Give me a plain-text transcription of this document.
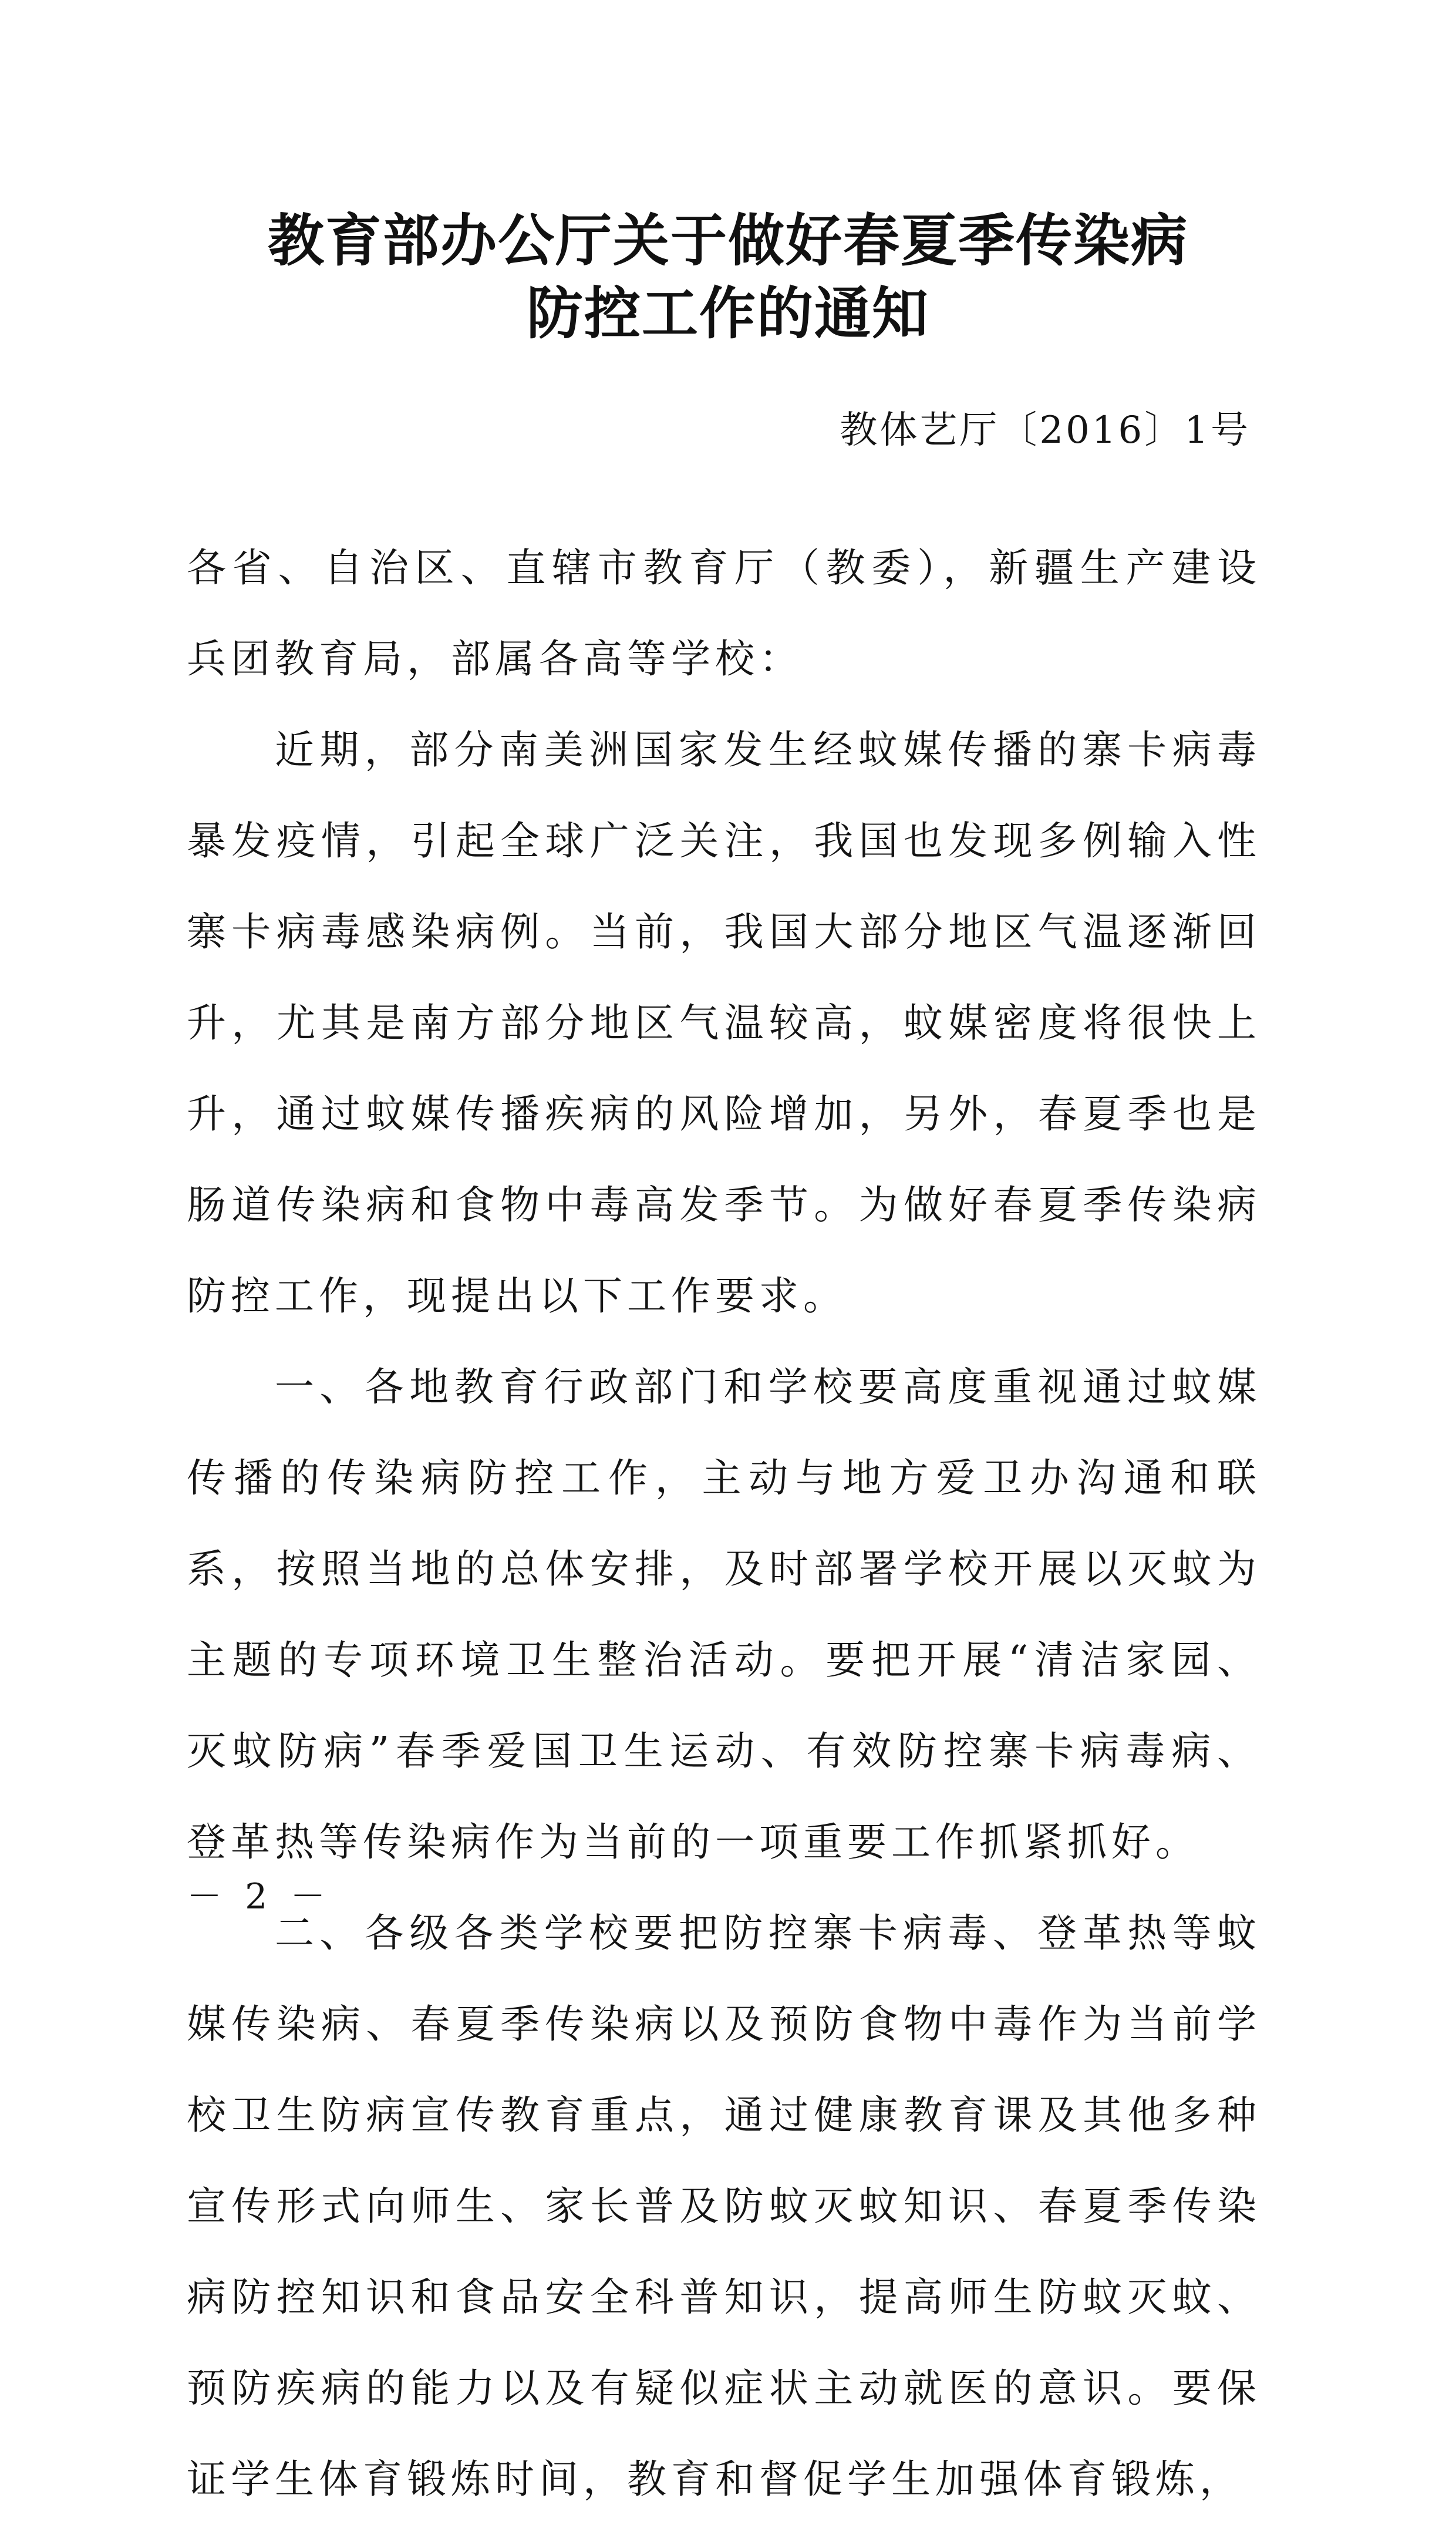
教育部办公厅关于做好春夏季传染病
防控工作的通知
教体艺厅〔2016〕1号

各省、自治区、直辖市教育厅（教委），新疆生产建设兵团教育局，部属各高等学校：

近期，部分南美洲国家发生经蚊媒传播的寨卡病毒暴发疫情，引起全球广泛关注，我国也发现多例输入性寨卡病毒感染病例。当前，我国大部分地区气温逐渐回升，尤其是南方部分地区气温较高，蚊媒密度将很快上升，通过蚊媒传播疾病的风险增加，另外，春夏季也是肠道传染病和食物中毒高发季节。为做好春夏季传染病防控工作，现提出以下工作要求。

一、各地教育行政部门和学校要高度重视通过蚊媒传播的传染病防控工作，主动与地方爱卫办沟通和联系，按照当地的总体安排，及时部署学校开展以灭蚊为主题的专项环境卫生整治活动。要把开展“清洁家园、灭蚊防病”春季爱国卫生运动、有效防控寨卡病毒病、登革热等传染病作为当前的一项重要工作抓紧抓好。

二、各级各类学校要把防控寨卡病毒、登革热等蚊媒传染病、春夏季传染病以及预防食物中毒作为当前学校卫生防病宣传教育重点，通过健康教育课及其他多种宣传形式向师生、家长普及防蚊灭蚊知识、春夏季传染病防控知识和食品安全科普知识，提高师生防蚊灭蚊、预防疾病的能力以及有疑似症状主动就医的意识。要保证学生体育锻炼时间，教育和督促学生加强体育锻炼，

－ 2 －
